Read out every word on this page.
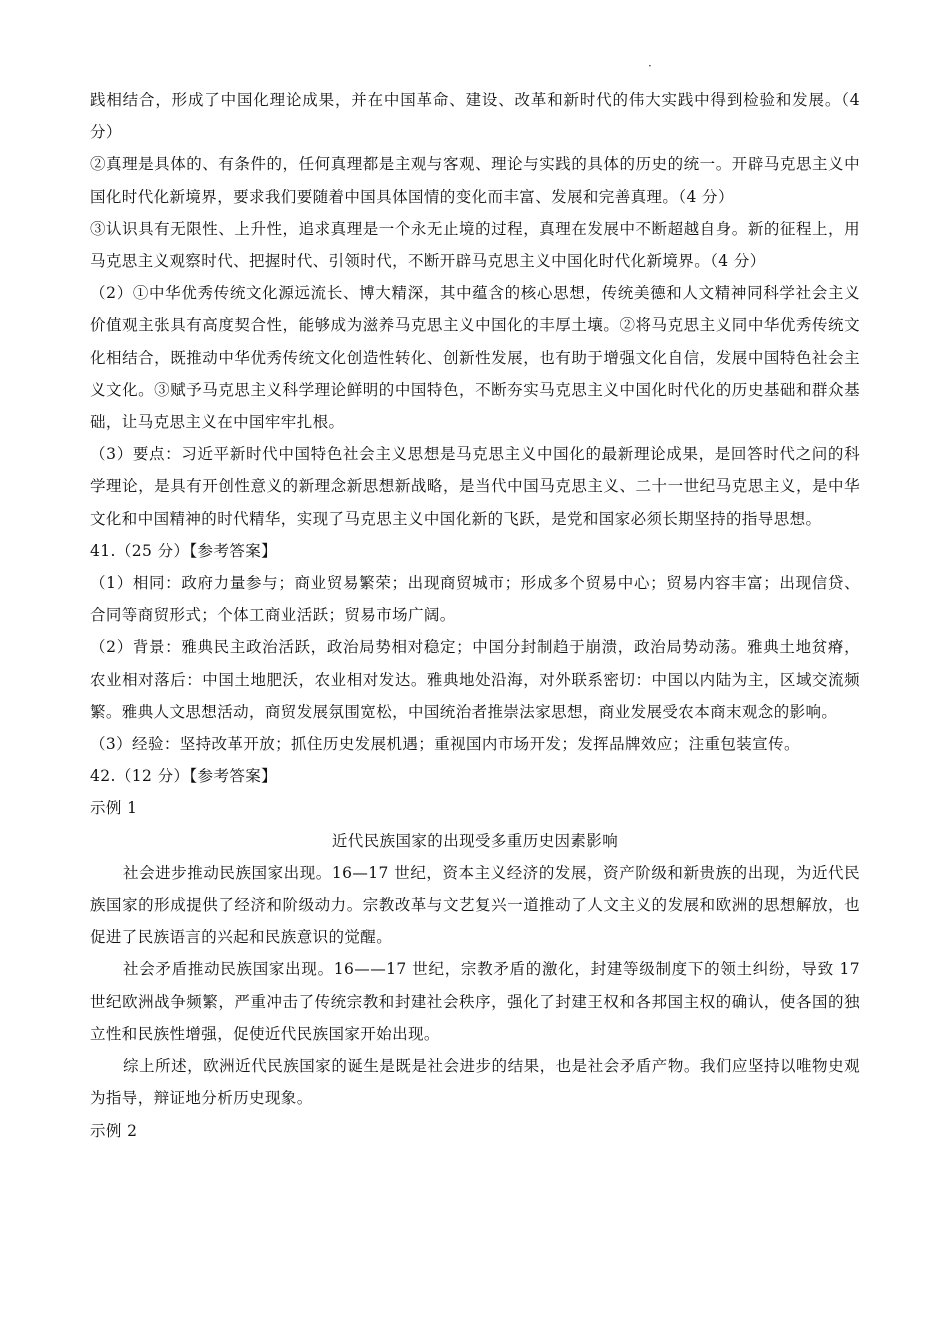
·

践相结合，形成了中国化理论成果，并在中国革命、建设、改革和新时代的伟大实践中得到检验和发展。（4 分）

②真理是具体的、有条件的，任何真理都是主观与客观、理论与实践的具体的历史的统一。开辟马克思主义中国化时代化新境界，要求我们要随着中国具体国情的变化而丰富、发展和完善真理。（4 分）

③认识具有无限性、上升性，追求真理是一个永无止境的过程，真理在发展中不断超越自身。新的征程上，用马克思主义观察时代、把握时代、引领时代，不断开辟马克思主义中国化时代化新境界。（4 分）

（2）①中华优秀传统文化源远流长、博大精深，其中蕴含的核心思想，传统美德和人文精神同科学社会主义价值观主张具有高度契合性，能够成为滋养马克思主义中国化的丰厚土壤。②将马克思主义同中华优秀传统文化相结合，既推动中华优秀传统文化创造性转化、创新性发展，也有助于增强文化自信，发展中国特色社会主义文化。③赋予马克思主义科学理论鲜明的中国特色，不断夯实马克思主义中国化时代化的历史基础和群众基础，让马克思主义在中国牢牢扎根。

（3）要点：习近平新时代中国特色社会主义思想是马克思主义中国化的最新理论成果，是回答时代之问的科学理论，是具有开创性意义的新理念新思想新战略，是当代中国马克思主义、二十一世纪马克思主义，是中华文化和中国精神的时代精华，实现了马克思主义中国化新的飞跃，是党和国家必须长期坚持的指导思想。

41.（25 分）【参考答案】

（1）相同：政府力量参与；商业贸易繁荣；出现商贸城市；形成多个贸易中心；贸易内容丰富；出现信贷、合同等商贸形式；个体工商业活跃；贸易市场广阔。

（2）背景：雅典民主政治活跃，政治局势相对稳定；中国分封制趋于崩溃，政治局势动荡。雅典土地贫瘠，农业相对落后：中国土地肥沃，农业相对发达。雅典地处沿海，对外联系密切：中国以内陆为主，区域交流频繁。雅典人文思想活动，商贸发展氛围宽松，中国统治者推崇法家思想，商业发展受农本商末观念的影响。

（3）经验：坚持改革开放；抓住历史发展机遇；重视国内市场开发；发挥品牌效应；注重包装宣传。

42.（12 分）【参考答案】

示例 1

近代民族国家的出现受多重历史因素影响

社会进步推动民族国家出现。16—17 世纪，资本主义经济的发展，资产阶级和新贵族的出现，为近代民族国家的形成提供了经济和阶级动力。宗教改革与文艺复兴一道推动了人文主义的发展和欧洲的思想解放，也促进了民族语言的兴起和民族意识的觉醒。

社会矛盾推动民族国家出现。16——17 世纪，宗教矛盾的激化，封建等级制度下的领土纠纷，导致 17 世纪欧洲战争频繁，严重冲击了传统宗教和封建社会秩序，强化了封建王权和各邦国主权的确认，使各国的独立性和民族性增强，促使近代民族国家开始出现。

综上所述，欧洲近代民族国家的诞生是既是社会进步的结果，也是社会矛盾产物。我们应坚持以唯物史观为指导，辩证地分析历史现象。

示例 2
